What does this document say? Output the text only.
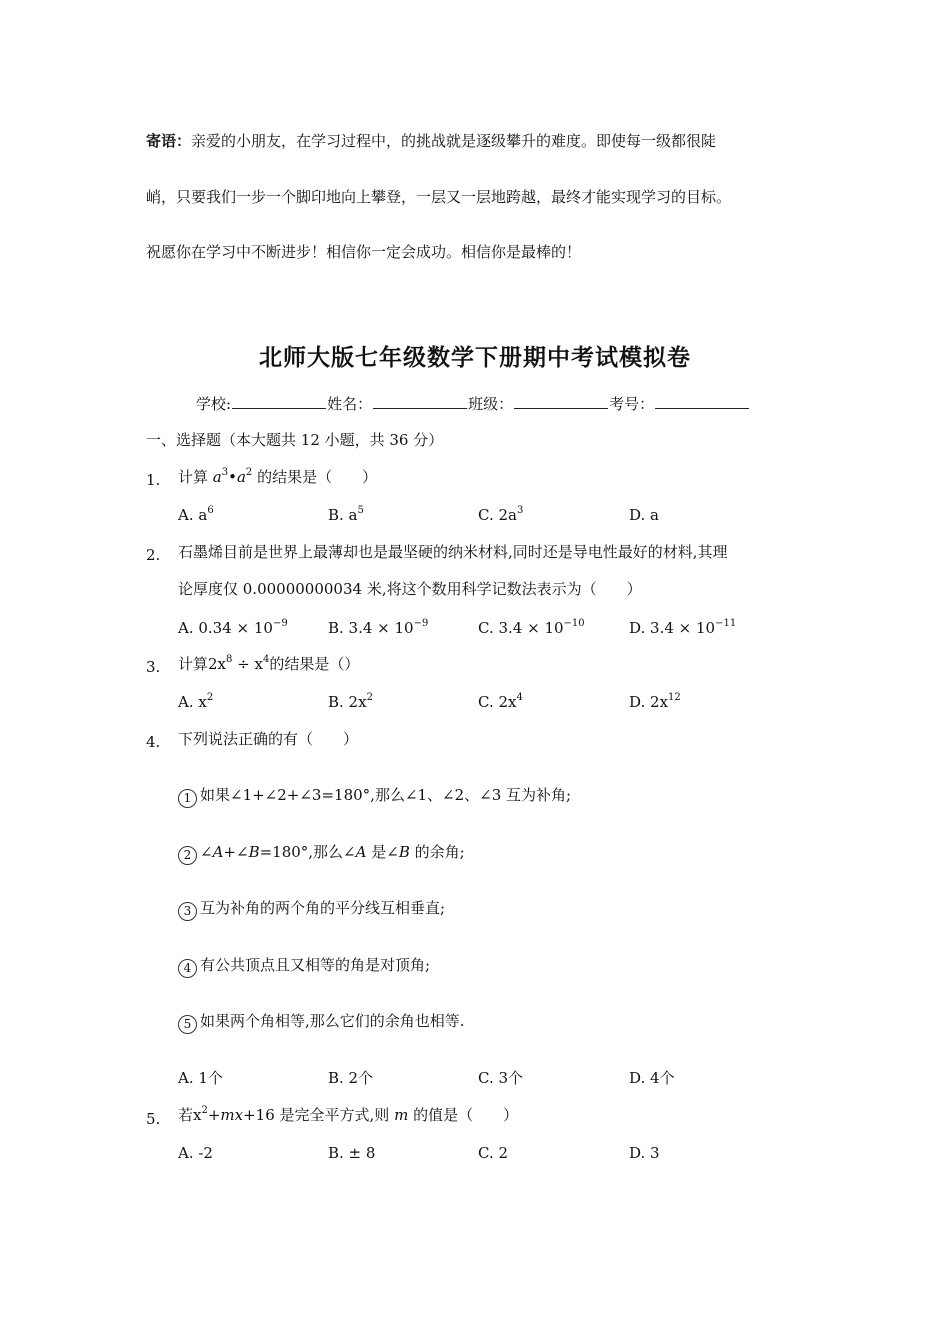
寄语：亲爱的小朋友，在学习过程中，的挑战就是逐级攀升的难度。即使每一级都很陡
峭，只要我们一步一个脚印地向上攀登，一层又一层地跨越，最终才能实现学习的目标。
祝愿你在学习中不断进步！相信你一定会成功。相信你是最棒的！
北师大版七年级数学下册期中考试模拟卷
学校:	姓名：	班级：	考号：
一、选择题（本大题共 12 小题，共 36 分）
1. 计算 $a^3•a^2$ 的结果是（　　）
A. $a^6$	B. $a^5$	C. $2a^3$	D. a
2. 石墨烯目前是世界上最薄却也是最坚硬的纳米材料,同时还是导电性最好的材料,其理
论厚度仅 0.00000000034 米,将这个数用科学记数法表示为（　　）
A. $0.34 \times 10^{-9}$	B. $3.4 \times 10^{-9}$	C. $3.4 \times 10^{-10}$	D. $3.4 \times 10^{-11}$
3. 计算$2x^8 \div x^4$的结果是（）
A. $x^2$	B. $2x^2$	C. $2x^4$	D. $2x^{12}$
4. 下列说法正确的有（　　）
1 如果∠1+∠2+∠3=180°,那么∠1、∠2、∠3 互为补角;
2 ∠A+∠B=180°,那么∠A 是∠B 的余角;
3 互为补角的两个角的平分线互相垂直;
4 有公共顶点且又相等的角是对顶角;
5 如果两个角相等,那么它们的余角也相等.
A. 1个	B. 2个	C. 3个	D. 4个
5. 若$x^2+mx+16$ 是完全平方式,则 m 的值是（　　）
A. -2	B. ± 8	C. 2	D. 3
